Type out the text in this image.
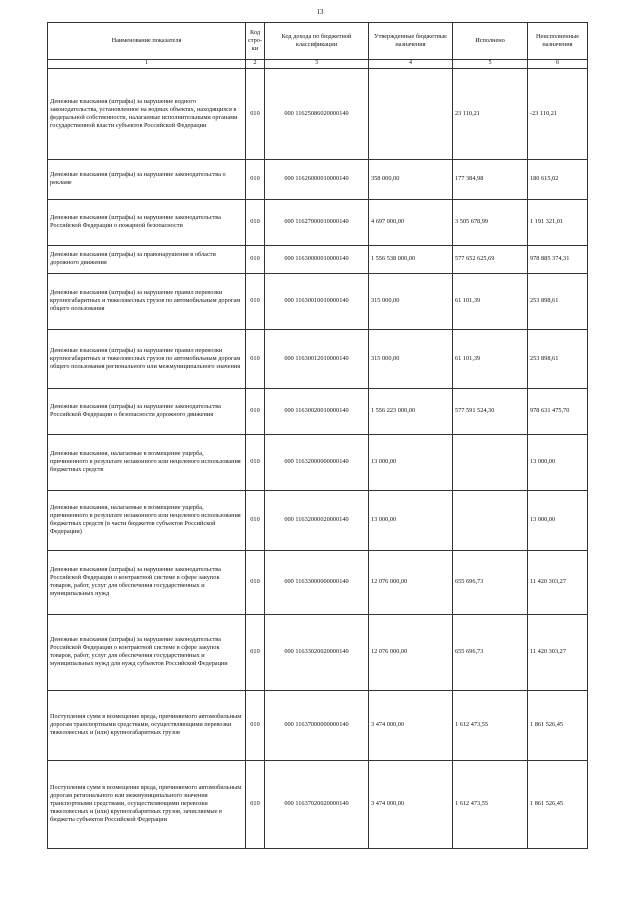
13
Наименование показателя	Код стро-ки	Код дохода по бюджетной классификации	Утвержденные бюджетные назначения	Исполнено	Неисполненные назначения
1	2	3	4	5	6
Денежные взыскания (штрафы) за нарушение водного законодательства, установленное на водных объектах, находящихся в федеральной собственности, налагаемые исполнительными органами государственной власти субъектов Российской Федерации	010	000 11625086020000140		23 110,21	-23 110,21
Денежные взыскания (штрафы) за нарушение законодательства о рекламе	010	000 11626000010000140	358 000,00	177 384,98	180 615,02
Денежные взыскания (штрафы) за нарушение законодательства Российской Федерации о пожарной безопасности	010	000 11627000010000140	4 697 000,00	3 505 678,99	1 191 321,01
Денежные взыскания (штрафы) за правонарушения в области дорожного движения	010	000 11630000010000140	1 556 538 000,00	577 652 625,69	978 885 374,31
Денежные взыскания (штрафы) за нарушение правил перевозки крупногабаритных и тяжеловесных грузов по автомобильным дорогам общего пользования	010	000 11630010010000140	315 000,00	61 101,39	253 898,61
Денежные взыскания (штрафы) за нарушение правил перевозки крупногабаритных и тяжеловесных грузов по автомобильным дорогам общего пользования регионального или межмуниципального значения	010	000 11630012010000140	315 000,00	61 101,39	253 898,61
Денежные взыскания (штрафы) за нарушение законодательства Российской Федерации о безопасности дорожного движения	010	000 11630020010000140	1 556 223 000,00	577 591 524,30	978 631 475,70
Денежные взыскания, налагаемые в возмещение ущерба, причиненного в результате незаконного или нецелевого использования бюджетных средств	010	000 11632000000000140	13 000,00		13 000,00
Денежные взыскания, налагаемые в возмещение ущерба, причиненного в результате незаконного или нецелевого использования бюджетных средств (в части бюджетов субъектов Российской Федерации)	010	000 11632000020000140	13 000,00		13 000,00
Денежные взыскания (штрафы) за нарушение законодательства Российской Федерации о контрактной системе в сфере закупок товаров, работ, услуг для обеспечения государственных и муниципальных нужд	010	000 11633000000000140	12 076 000,00	655 696,73	11 420 303,27
Денежные взыскания (штрафы) за нарушение законодательства Российской Федерации о контрактной системе в сфере закупок товаров, работ, услуг для обеспечения государственных и муниципальных нужд для нужд субъектов Российской Федерации	010	000 11633020020000140	12 076 000,00	655 696,73	11 420 303,27
Поступления сумм в возмещение вреда, причиняемого автомобильным дорогам транспортными средствами, осуществляющими перевозки тяжеловесных и (или) крупногабаритных грузов	010	000 11637000000000140	3 474 000,00	1 612 473,55	1 861 526,45
Поступления сумм в возмещение вреда, причиняемого автомобильным дорогам регионального или межмуниципального значения транспортными средствами, осуществляющими перевозки тяжеловесных и (или) крупногабаритных грузов, зачисляемые в бюджеты субъектов Российской Федерации	010	000 11637020020000140	3 474 000,00	1 612 473,55	1 861 526,45
